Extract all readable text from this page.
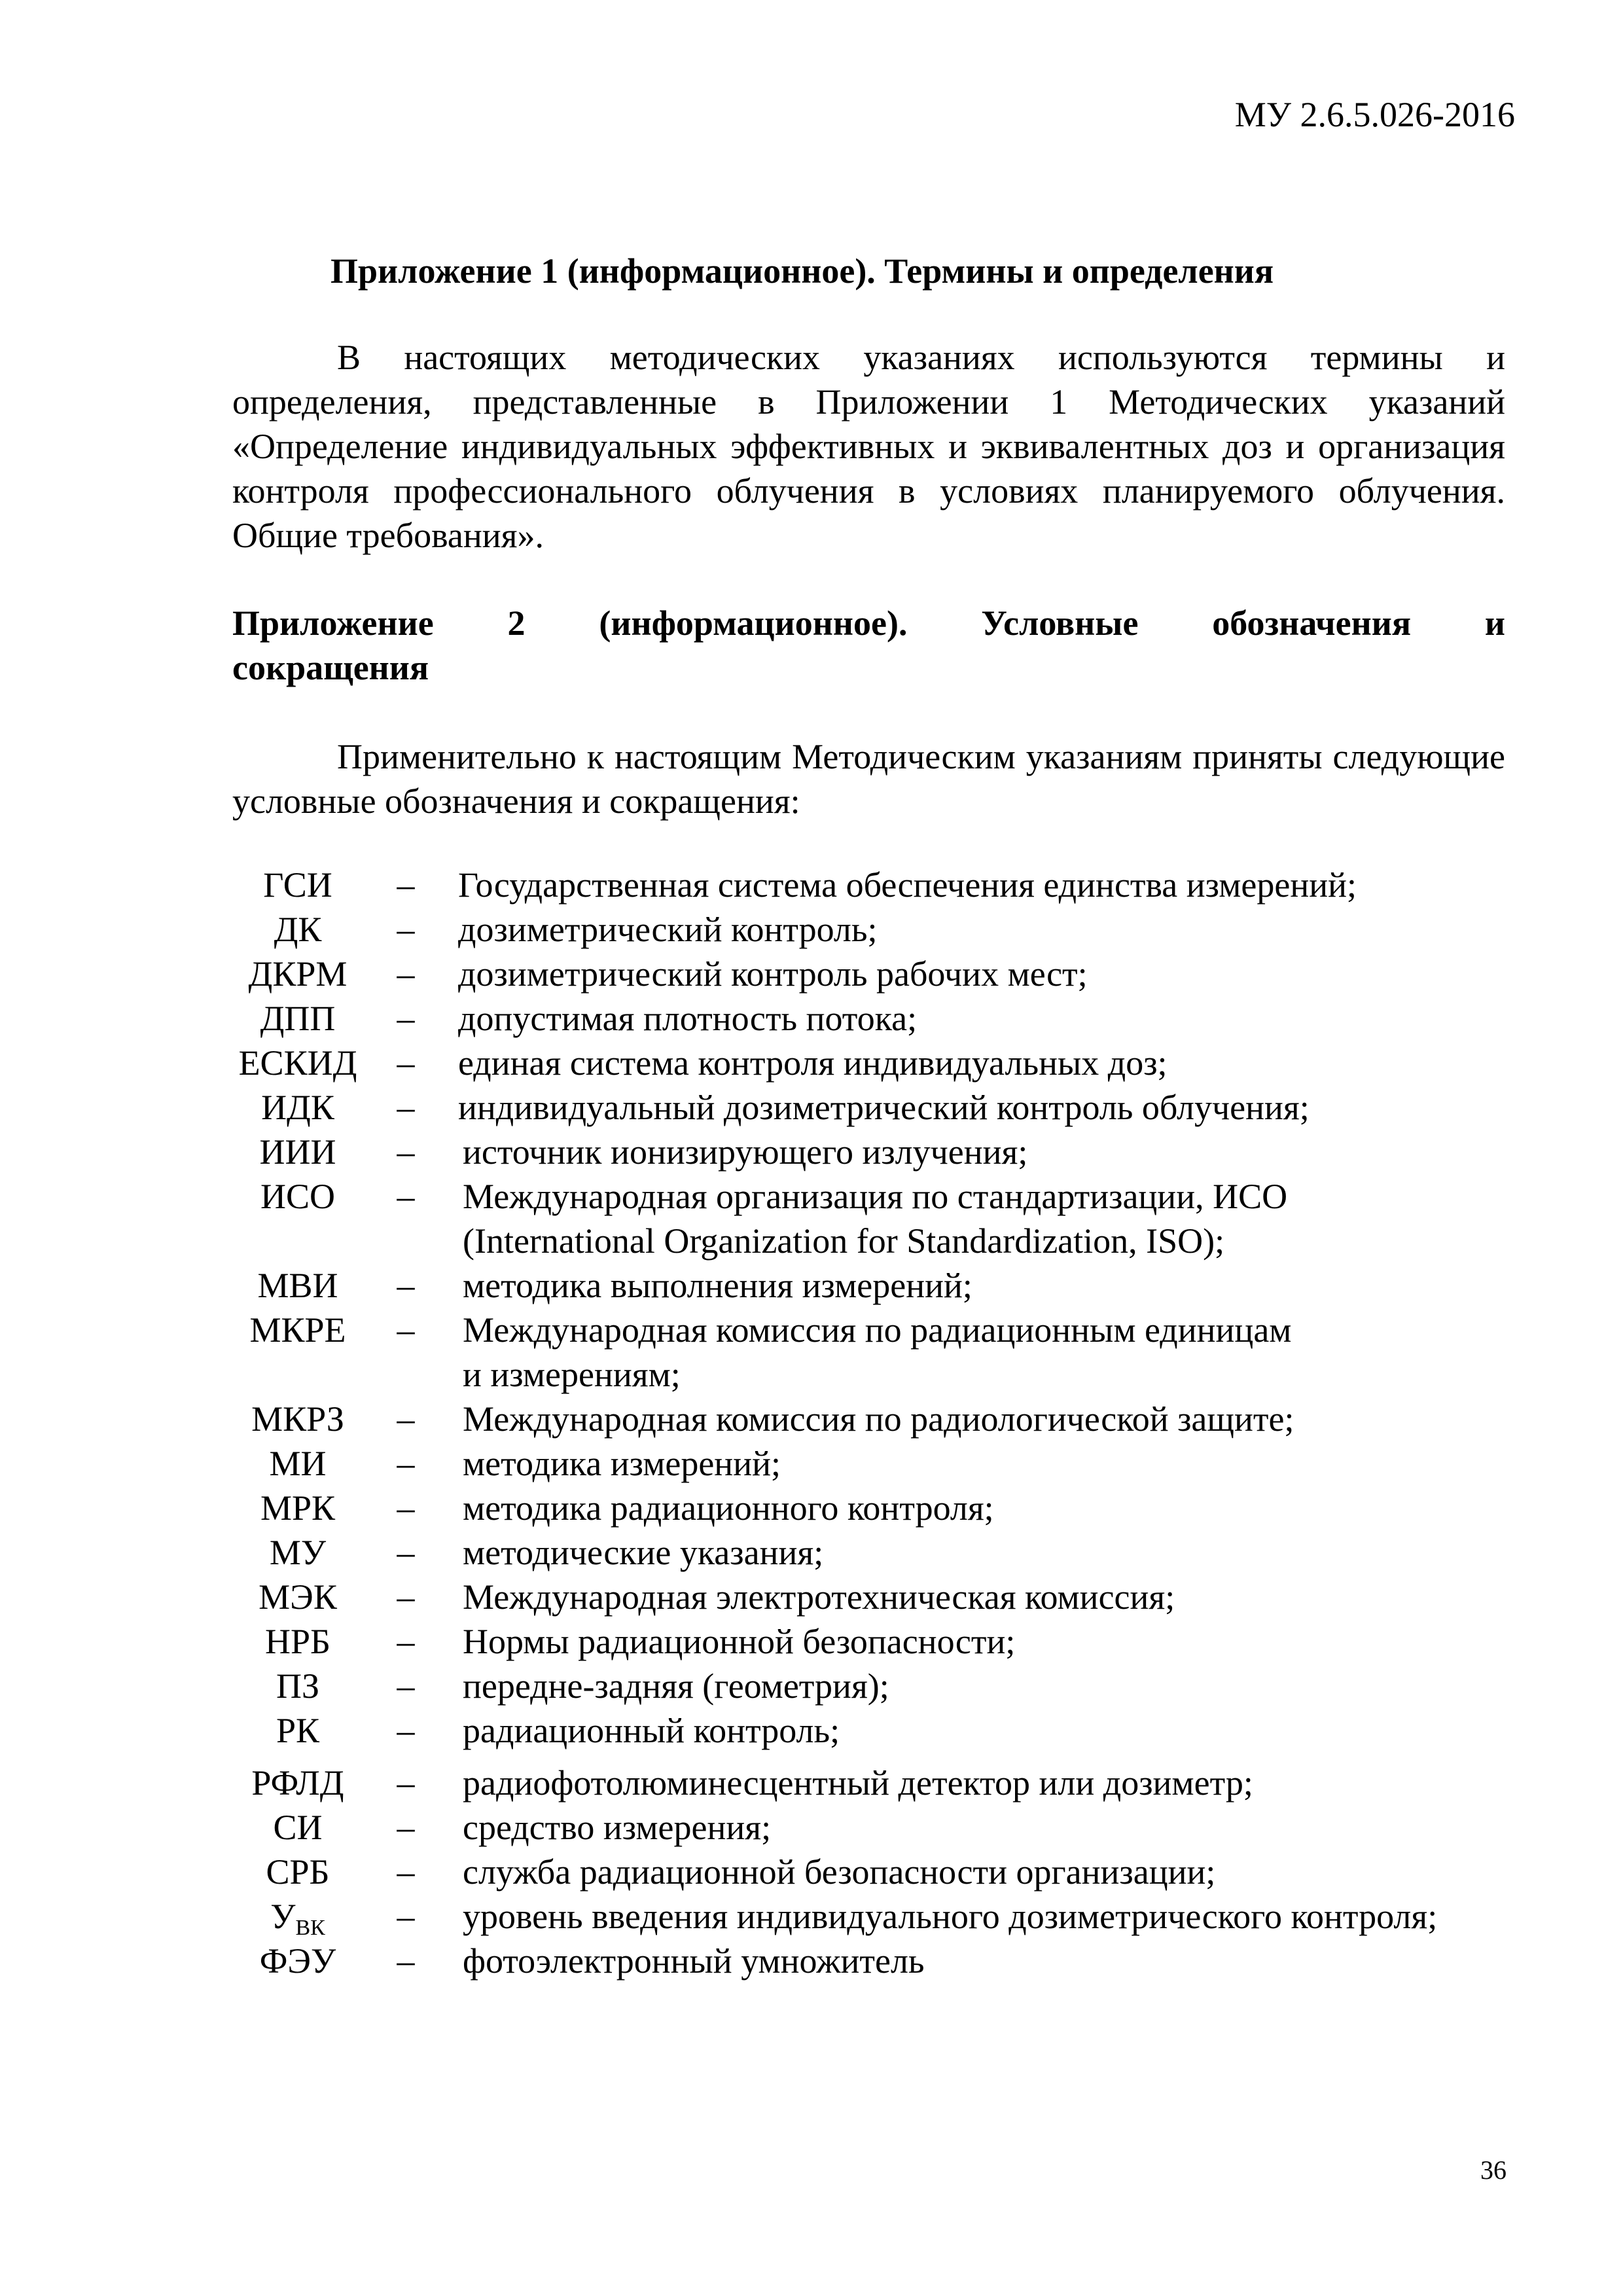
МУ 2.6.5.026-2016
Приложение 1 (информационное). Термины и определения
В настоящих методических указаниях используются термины и определения, представленные в Приложении 1 Методических указаний «Определение индивидуальных эффективных и эквивалентных доз и организация контроля профессионального облучения в условиях планируемого облучения. Общие требования».
Приложение 2 (информационное). Условные обозначения и
сокращения
Применительно к настоящим Методическим указаниям приняты следующие условные обозначения и сокращения:
ГСИ	–	Государственная система обеспечения единства измерений;
ДК	–	дозиметрический контроль;
ДКРМ	–	дозиметрический контроль рабочих мест;
ДПП	–	допустимая плотность потока;
ЕСКИД	–	единая система контроля индивидуальных доз;
ИДК	–	индивидуальный дозиметрический контроль облучения;
ИИИ	–	источник ионизирующего излучения;
ИСО	–	Международная организация по стандартизации, ИСО
(International Organization for Standardization, ISO);
МВИ	–	методика выполнения измерений;
МКРЕ	–	Международная комиссия по радиационным единицам
и измерениям;
МКРЗ	–	Международная комиссия по радиологической защите;
МИ	–	методика измерений;
МРК	–	методика радиационного контроля;
МУ	–	методические указания;
МЭК	–	Международная электротехническая комиссия;
НРБ	–	Нормы радиационной безопасности;
ПЗ	–	передне-задняя (геометрия);
РК	–	радиационный контроль;
РФЛД	–	радиофотолюминесцентный детектор или дозиметр;
СИ	–	средство измерения;
СРБ	–	служба радиационной безопасности организации;
$У_{ВК}$	–	уровень введения индивидуального дозиметрического контроля;
ФЭУ	–	фотоэлектронный умножитель
36
